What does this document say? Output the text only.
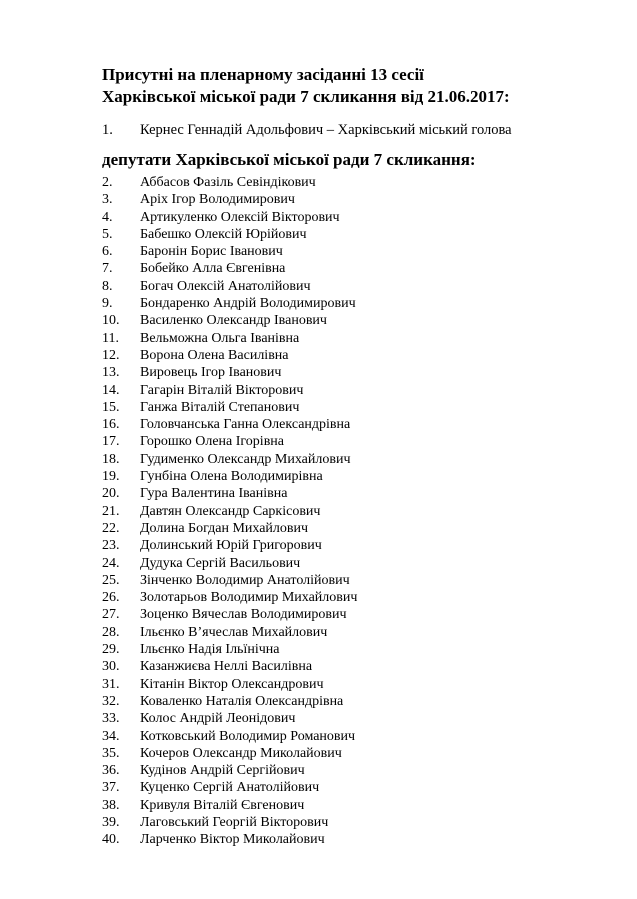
Присутні на пленарному засіданні 13 сесії
Харківської міської ради 7 скликання від 21.06.2017:
1. Кернес Геннадій Адольфович – Харківський міський голова
депутати Харківської міської ради 7 скликання:
2. Аббасов Фазіль Севіндікович
3. Аріх Ігор Володимирович
4. Артикуленко Олексій Вікторович
5. Бабешко Олексій Юрійович
6. Баронін Борис Іванович
7. Бобейко Алла Євгенівна
8. Богач Олексій Анатолійович
9. Бондаренко Андрій Володимирович
10. Василенко Олександр Іванович
11. Вельможна Ольга Іванівна
12. Ворона Олена Василівна
13. Вировець Ігор Іванович
14. Гагарін Віталій Вікторович
15. Ганжа Віталій Степанович
16. Головчанська Ганна Олександрівна
17. Горошко Олена Ігорівна
18. Гудименко Олександр Михайлович
19. Гунбіна Олена Володимирівна
20. Гура Валентина Іванівна
21. Давтян Олександр Саркісович
22. Долина Богдан Михайлович
23. Долинський Юрій Григорович
24. Дудука Сергій Васильович
25. Зінченко Володимир Анатолійович
26. Золотарьов Володимир Михайлович
27. Зоценко Вячеслав Володимирович
28. Ільєнко В’ячеслав Михайлович
29. Ільєнко Надія Ільїнічна
30. Казанжиєва Неллі Василівна
31. Кітанін Віктор Олександрович
32. Коваленко Наталія Олександрівна
33. Колос Андрій Леонідович
34. Котковський Володимир Романович
35. Кочеров Олександр Миколайович
36. Кудінов Андрій Сергійович
37. Куценко Сергій Анатолійович
38. Кривуля Віталій Євгенович
39. Лаговський Георгій Вікторович
40. Ларченко Віктор Миколайович
